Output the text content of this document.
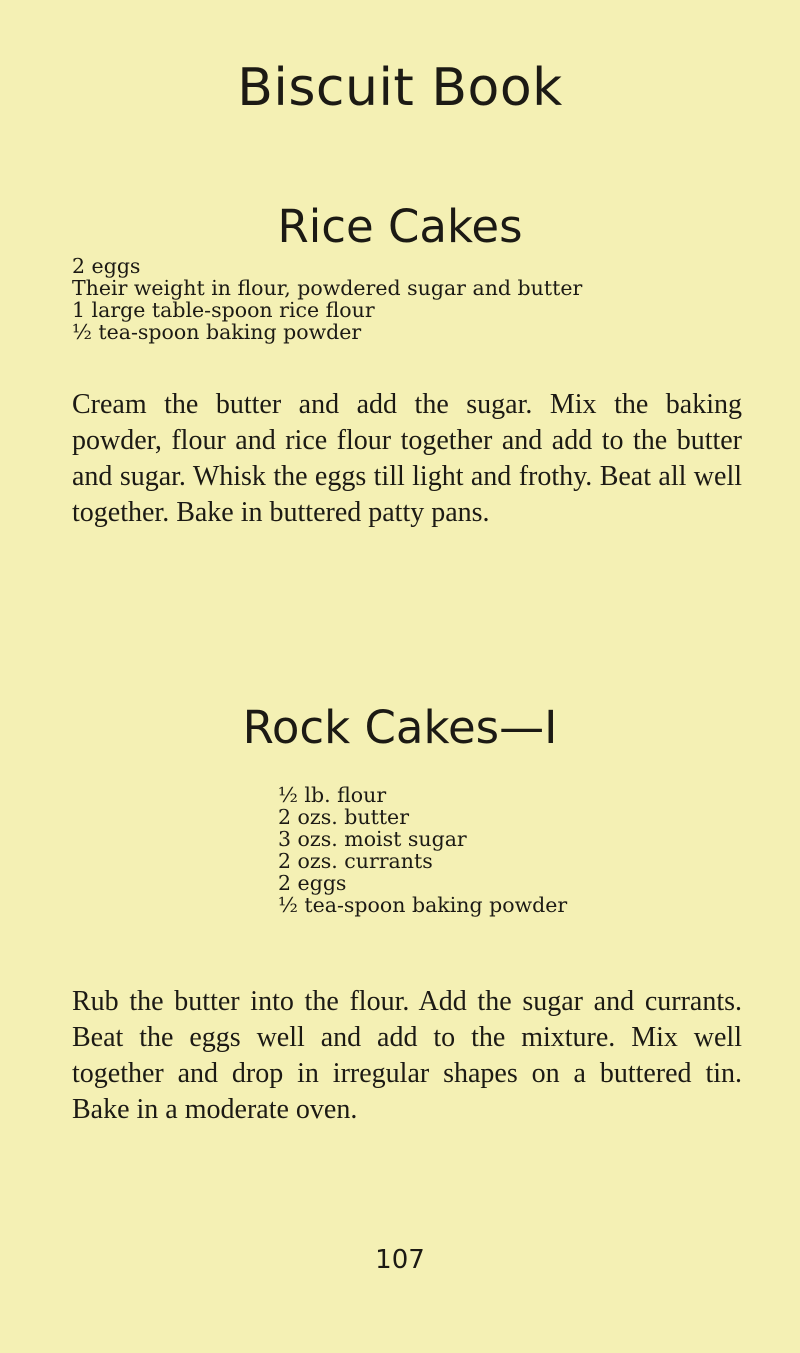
Biscuit Book
Rice Cakes
2 eggs
Their weight in flour, powdered sugar and butter
1 large table-spoon rice flour
½ tea-spoon baking powder

Cream the butter and add the sugar. Mix the baking powder, flour and rice flour together and add to the butter and sugar. Whisk the eggs till light and frothy. Beat all well together. Bake in buttered patty pans.

Rock Cakes—I
½ lb. flour
2 ozs. butter
3 ozs. moist sugar
2 ozs. currants
2 eggs
½ tea-spoon baking powder

Rub the butter into the flour. Add the sugar and currants. Beat the eggs well and add to the mixture. Mix well together and drop in irregular shapes on a buttered tin. Bake in a moderate oven.

107
